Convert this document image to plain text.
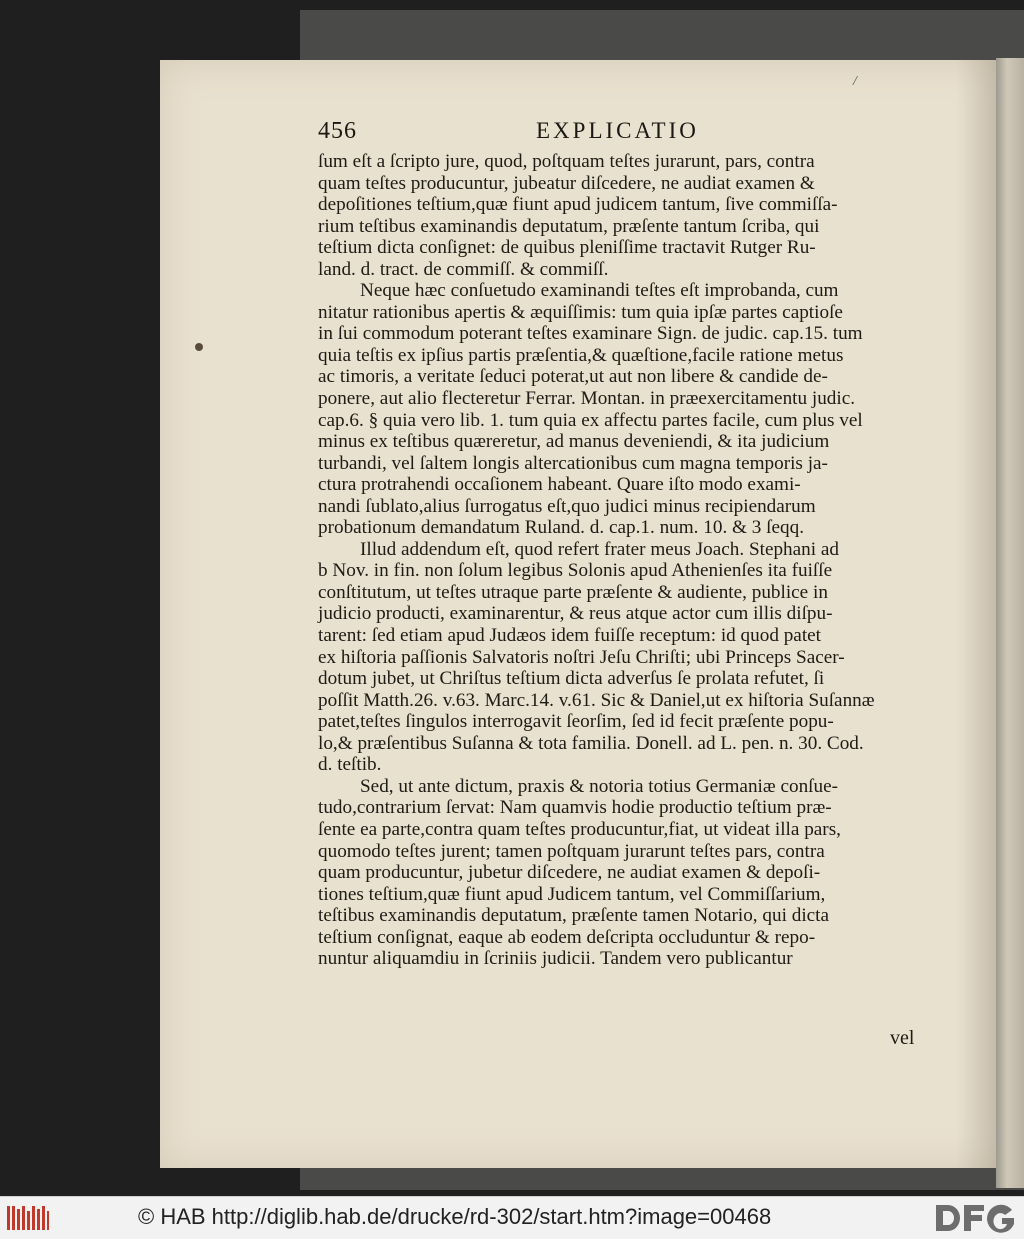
/
456	EXPLICATIO
ſum eſt a ſcripto jure, quod, poſtquam teſtes jurarunt, pars, contra
quam teſtes producuntur, jubeatur diſcedere, ne audiat examen &
depoſitiones teſtium,quæ fiunt apud judicem tantum, ſive commiſſa-
rium teſtibus examinandis deputatum, præſente tantum ſcriba, qui
teſtium dicta conſignet: de quibus pleniſſime tractavit Rutger Ru-
land. d. tract. de commiſſ. & commiſſ.
Neque hæc conſuetudo examinandi teſtes eſt improbanda, cum
nitatur rationibus apertis & æquiſſimis: tum quia ipſæ partes captioſe
in ſui commodum poterant teſtes examinare Sign. de judic. cap.15. tum
quia teſtis ex ipſius partis præſentia,& quæſtione,facile ratione metus
ac timoris, a veritate ſeduci poterat,ut aut non libere & candide de-
ponere, aut alio flecteretur Ferrar. Montan. in præexercitamentu judic.
cap.6. § quia vero lib. 1. tum quia ex affectu partes facile, cum plus vel
minus ex teſtibus quæreretur, ad manus deveniendi, & ita judicium
turbandi, vel ſaltem longis altercationibus cum magna temporis ja-
ctura protrahendi occaſionem habeant. Quare iſto modo exami-
nandi ſublato,alius ſurrogatus eſt,quo judici minus recipiendarum
probationum demandatum Ruland. d. cap.1. num. 10. & 3 ſeqq.
Illud addendum eſt, quod refert frater meus Joach. Stephani ad
b Nov. in fin. non ſolum legibus Solonis apud Athenienſes ita fuiſſe
conſtitutum, ut teſtes utraque parte præſente & audiente, publice in
judicio producti, examinarentur, & reus atque actor cum illis diſpu-
tarent: ſed etiam apud Judæos idem fuiſſe receptum: id quod patet
ex hiſtoria paſſionis Salvatoris noſtri Jeſu Chriſti; ubi Princeps Sacer-
dotum jubet, ut Chriſtus teſtium dicta adverſus ſe prolata refutet, ſi
poſſit Matth.26. v.63. Marc.14. v.61. Sic & Daniel,ut ex hiſtoria Suſannæ
patet,teſtes ſingulos interrogavit ſeorſim, ſed id fecit præſente popu-
lo,& præſentibus Suſanna & tota familia. Donell. ad L. pen. n. 30. Cod.
d. teſtib.
Sed, ut ante dictum, praxis & notoria totius Germaniæ conſue-
tudo,contrarium ſervat: Nam quamvis hodie productio teſtium præ-
ſente ea parte,contra quam teſtes producuntur,fiat, ut videat illa pars,
quomodo teſtes jurent; tamen poſtquam jurarunt teſtes pars, contra
quam producuntur, jubetur diſcedere, ne audiat examen & depoſi-
tiones teſtium,quæ fiunt apud Judicem tantum, vel Commiſſarium,
teſtibus examinandis deputatum, præſente tamen Notario, qui dicta
teſtium conſignat, eaque ab eodem deſcripta occluduntur & repo-
nuntur aliquamdiu in ſcriniis judicii. Tandem vero publicantur
vel
© HAB http://diglib.hab.de/drucke/rd-302/start.htm?image=00468
